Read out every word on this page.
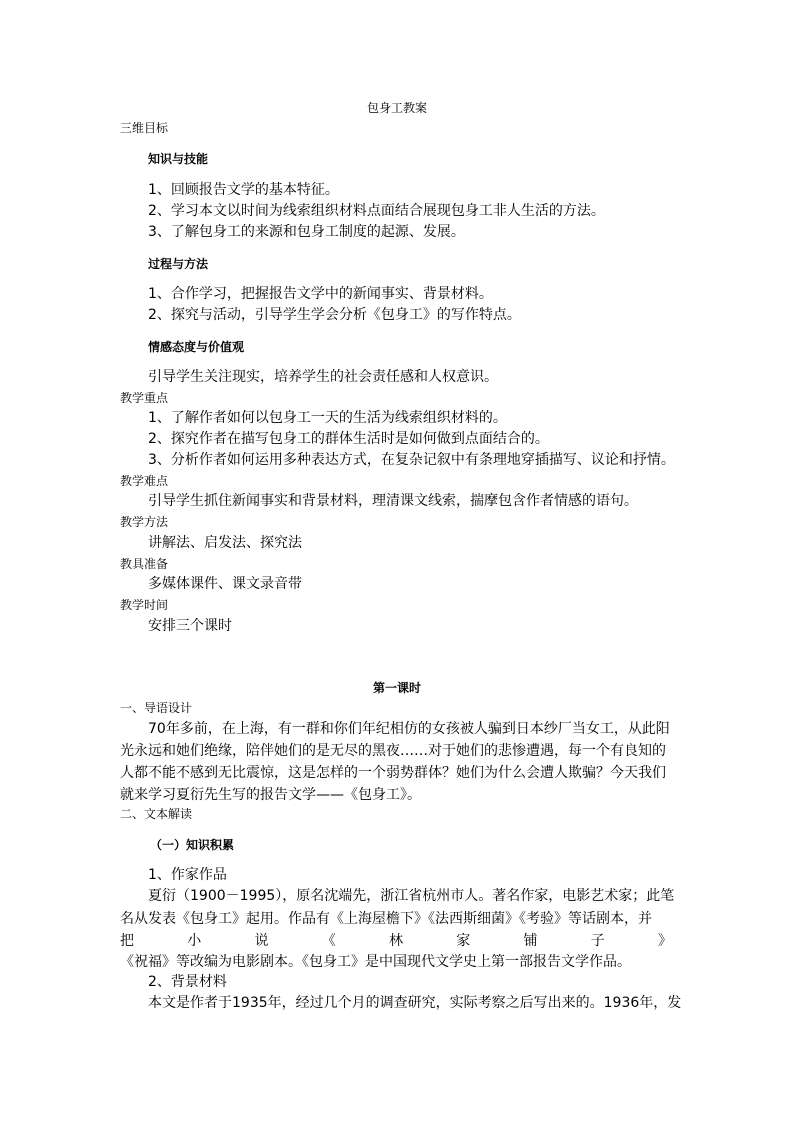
包身工教案
三维目标
知识与技能
1、回顾报告文学的基本特征。
2、学习本文以时间为线索组织材料点面结合展现包身工非人生活的方法。
3、了解包身工的来源和包身工制度的起源、发展。
过程与方法
1、合作学习，把握报告文学中的新闻事实、背景材料。
2、探究与活动，引导学生学会分析《包身工》的写作特点。
情感态度与价值观
引导学生关注现实，培养学生的社会责任感和人权意识。
教学重点
1、了解作者如何以包身工一天的生活为线索组织材料的。
2、探究作者在描写包身工的群体生活时是如何做到点面结合的。
3、分析作者如何运用多种表达方式，在复杂记叙中有条理地穿插描写、议论和抒情。
教学难点
引导学生抓住新闻事实和背景材料，理清课文线索，揣摩包含作者情感的语句。
教学方法
讲解法、启发法、探究法
教具准备
多媒体课件、课文录音带
教学时间
安排三个课时
第一课时
一、导语设计
70年多前，在上海，有一群和你们年纪相仿的女孩被人骗到日本纱厂当女工，从此阳
光永远和她们绝缘，陪伴她们的是无尽的黑夜……对于她们的悲惨遭遇，每一个有良知的
人都不能不感到无比震惊，这是怎样的一个弱势群体？她们为什么会遭人欺骗？今天我们
就来学习夏衍先生写的报告文学——《包身工》。
二、文本解读
（一）知识积累
1、作家作品
夏衍（1900－1995），原名沈端先，浙江省杭州市人。著名作家，电影艺术家；此笔
名从发表《包身工》起用。作品有《上海屋檐下》《法西斯细菌》《考验》等话剧本，并
把	小	说	《	林	家	铺	子	》
《祝福》等改编为电影剧本。《包身工》是中国现代文学史上第一部报告文学作品。
2、背景材料
本文是作者于1935年，经过几个月的调查研究，实际考察之后写出来的。1936年，发
